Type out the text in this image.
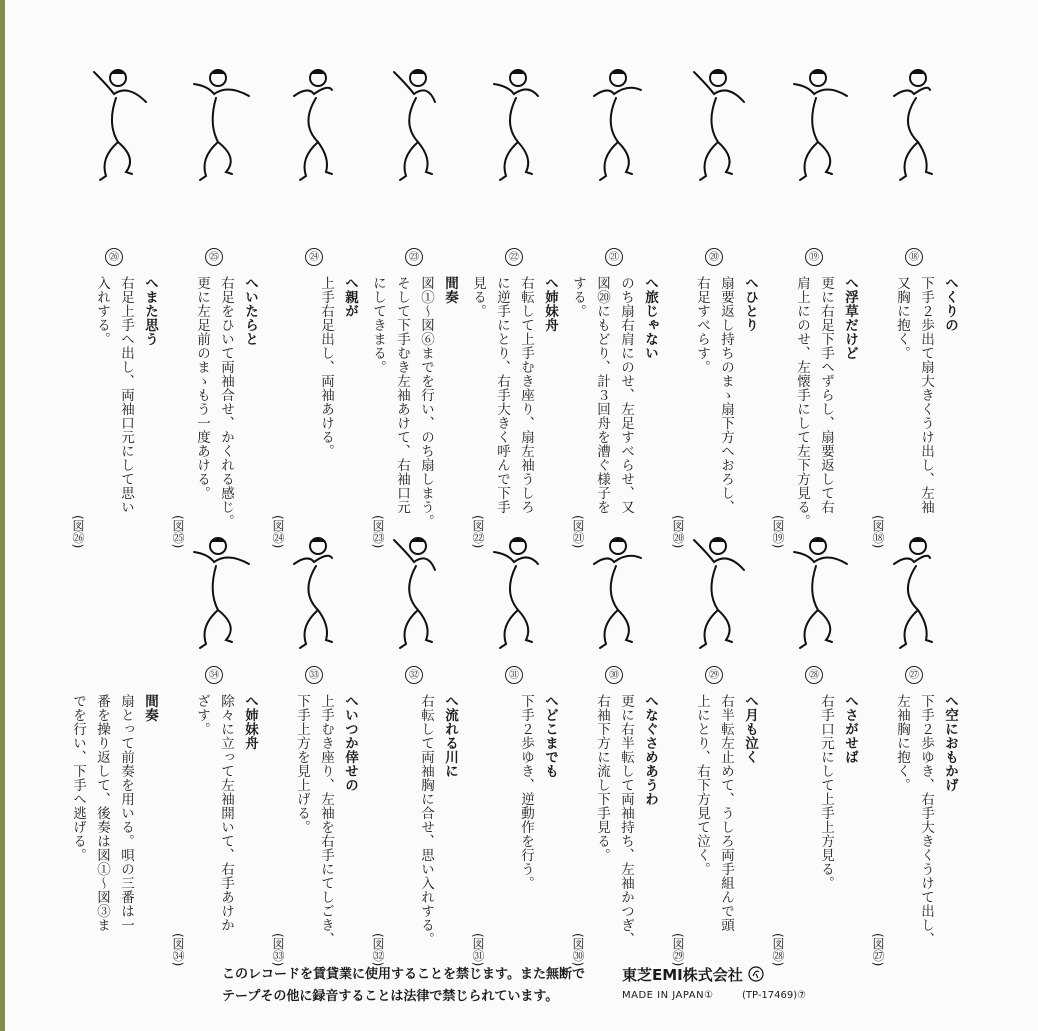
⑱

へくりの

下手２歩出て扇大きくうけ出し、左袖

又胸に抱く。

(図⑱)
⑲

へ浮草だけど

更に右足下手へずらし、扇要返して右

肩上にのせ、左懐手にして左下方見る。

(図⑲)
⑳

へひとり

扇要返し持ちのまゝ扇下方へおろし、

右足すべらす。

(図⑳)
㉑

へ旅じゃない

のち扇右肩にのせ、左足すべらせ、又

図⑳にもどり、計３回舟を漕ぐ様子を

する。

(図㉑)
㉒

へ姉妹舟

右転して上手むき座り、扇左袖うしろ

に逆手にとり、右手大きく呼んで下手

見る。

(図㉒)
㉓

間奏

図①～図⑥までを行い、のち扇しまう。

そして下手むき左袖あけて、右袖口元

にしてきまる。

(図㉓)
㉔

へ親が

上手右足出し、両袖あける。

(図㉔)
㉕

へいたらと

右足をひいて両袖合せ、かくれる感じ。

更に左足前のまゝもう一度あける。

(図㉕)
㉖

へまた思う

右足上手へ出し、両袖口元にして思い

入れする。

(図㉖)
㉗

へ空におもかげ

下手２歩ゆき、右手大きくうけて出し、

左袖胸に抱く。

(図㉗)
㉘

へさがせば

右手口元にして上手上方見る。

(図㉘)
㉙

へ月も泣く

右半転左止めて、うしろ両手組んで頭

上にとり、右下方見て泣く。

(図㉙)
㉚

へなぐさめあうわ

更に右半転して両袖持ち、左袖かつぎ、

右袖下方に流し下手見る。

(図㉚)
㉛

へどこまでも

下手２歩ゆき、逆動作を行う。

(図㉛)
㉜

へ流れる川に

右転して両袖胸に合せ、思い入れする。

(図㉜)
㉝

へいつか倖せの

上手むき座り、左袖を右手にてしごき、

下手上方を見上げる。

(図㉝)
㉞

へ姉妹舟

除々に立って左袖開いて、右手あけか

ざす。

(図㉞)

間奏

扇とって前奏を用いる。唄の三番は一

番を操り返して、後奏は図①～図③ま

でを行い、下手へ逃げる。

このレコードを賃貸業に使用することを禁じます。また無断で
テープその他に録音することは法律で禁じられています。
東芝EMI株式会社
MADE IN JAPAN①	(TP-17469)⑦
